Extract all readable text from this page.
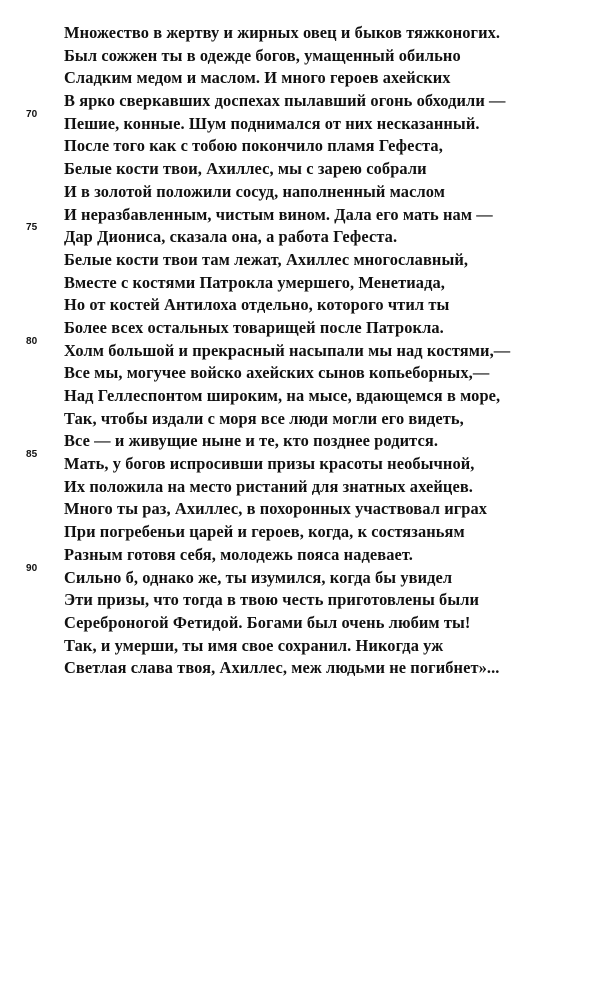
Множество в жертву и жирных овец и быков тяжконогих.
Был сожжен ты в одежде богов, умащенный обильно
Сладким медом и маслом. И много героев ахейских
В ярко сверкавших доспехах пылавший огонь обходили —
70 Пешие, конные. Шум поднимался от них несказанный.
После того как с тобою покончило пламя Гефеста,
Белые кости твои, Ахиллес, мы с зарею собрали
И в золотой положили сосуд, наполненный маслом
И неразбавленным, чистым вином. Дала его мать нам —
75 Дар Диониса, сказала она, а работа Гефеста.
Белые кости твои там лежат, Ахиллес многославный,
Вместе с костями Патрокла умершего, Менетиада,
Но от костей Антилоха отдельно, которого чтил ты
Более всех остальных товарищей после Патрокла.
80 Холм большой и прекрасный насыпали мы над костями,—
Все мы, могучее войско ахейских сынов копьеборных,—
Над Геллеспонтом широким, на мысе, вдающемся в море,
Так, чтобы издали с моря все люди могли его видеть,
Все — и живущие ныне и те, кто позднее родится.
85 Мать, у богов испросивши призы красоты необычной,
Их положила на место ристаний для знатных ахейцев.
Много ты раз, Ахиллес, в похоронных участвовал играх
При погребеньи царей и героев, когда, к состязаньям
Разным готовя себя, молодежь пояса надевает.
90 Сильно б, однако же, ты изумился, когда бы увидел
Эти призы, что тогда в твою честь приготовлены были
Сереброногой Фетидой. Богами был очень любим ты!
Так, и умерши, ты имя свое сохранил. Никогда уж
Светлая слава твоя, Ахиллес, меж людьми не погибнет»...
